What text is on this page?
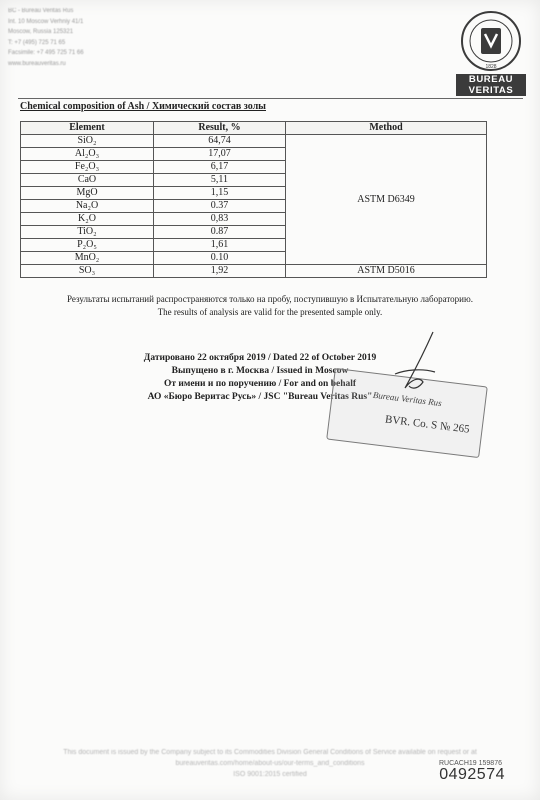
BC - Bureau Veritas Rus
Int. 10 Moscow Verhniy 41/1
Moscow, Russia 125321
T: +7 (495) 725 71 65
Facsimile: +7 495 725 71 66
www.bureauveritas.ru
1828
BUREAU
VERITAS
Chemical composition of Ash / Химический состав золы
Element	Result, %	Method
SiO₂	64,74	ASTM D6349
Al₂O₃	17,07	
Fe₂O₃	6,17	
CaO	5,11	
MgO	1,15	
Na₂O	0.37	
K₂O	0,83	
TiO₂	0.87	
P₂O₅	1,61	
MnO₂	0.10	
SO₃	1,92	ASTM D5016
Результаты испытаний распространяются только на пробу, поступившую в Испытательную лабораторию.
The results of analysis are valid for the presented sample only.
Датировано 22 октября 2019 / Dated 22 of October 2019
Выпущено в г. Москва / Issued in Moscow
От имени и по поручению / For and on behalf
АО «Бюро Веритас Русь» / JSC "Bureau Veritas Rus" Bureau Veritas Rus
BVR. Co. S № 265
This document is issued by the Company subject to its Commodities Division General Conditions of Service available on request or at
bureauveritas.com/home/about-us/our-terms_and_conditions
ISO 9001:2015 certified
RUCACH19 159876
0492574
